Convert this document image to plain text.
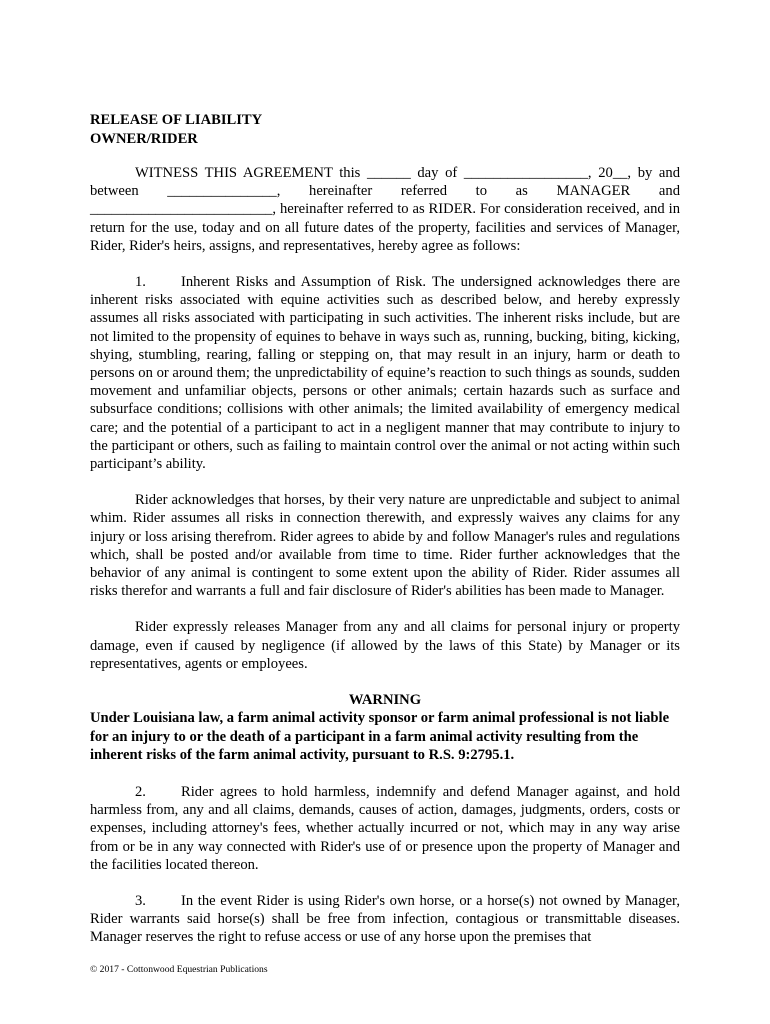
RELEASE OF LIABILITY

OWNER/RIDER

WITNESS THIS AGREEMENT this ______ day of _________________, 20__, by and between _______________, hereinafter referred to as MANAGER and _________________________, hereinafter referred to as RIDER. For consideration received, and in return for the use, today and on all future dates of the property, facilities and services of Manager, Rider, Rider's heirs, assigns, and representatives, hereby agree as follows:

1. Inherent Risks and Assumption of Risk. The undersigned acknowledges there are inherent risks associated with equine activities such as described below, and hereby expressly assumes all risks associated with participating in such activities. The inherent risks include, but are not limited to the propensity of equines to behave in ways such as, running, bucking, biting, kicking, shying, stumbling, rearing, falling or stepping on, that may result in an injury, harm or death to persons on or around them; the unpredictability of equine’s reaction to such things as sounds, sudden movement and unfamiliar objects, persons or other animals; certain hazards such as surface and subsurface conditions; collisions with other animals; the limited availability of emergency medical care; and the potential of a participant to act in a negligent manner that may contribute to injury to the participant or others, such as failing to maintain control over the animal or not acting within such participant’s ability.

Rider acknowledges that horses, by their very nature are unpredictable and subject to animal whim. Rider assumes all risks in connection therewith, and expressly waives any claims for any injury or loss arising therefrom. Rider agrees to abide by and follow Manager's rules and regulations which, shall be posted and/or available from time to time. Rider further acknowledges that the behavior of any animal is contingent to some extent upon the ability of Rider. Rider assumes all risks therefor and warrants a full and fair disclosure of Rider's abilities has been made to Manager.

Rider expressly releases Manager from any and all claims for personal injury or property damage, even if caused by negligence (if allowed by the laws of this State) by Manager or its representatives, agents or employees.

WARNING

Under Louisiana law, a farm animal activity sponsor or farm animal professional is not liable for an injury to or the death of a participant in a farm animal activity resulting from the inherent risks of the farm animal activity, pursuant to R.S. 9:2795.1.

2. Rider agrees to hold harmless, indemnify and defend Manager against, and hold harmless from, any and all claims, demands, causes of action, damages, judgments, orders, costs or expenses, including attorney's fees, whether actually incurred or not, which may in any way arise from or be in any way connected with Rider's use of or presence upon the property of Manager and the facilities located thereon.

3. In the event Rider is using Rider's own horse, or a horse(s) not owned by Manager, Rider warrants said horse(s) shall be free from infection, contagious or transmittable diseases. Manager reserves the right to refuse access or use of any horse upon the premises that

© 2017 - Cottonwood Equestrian Publications
